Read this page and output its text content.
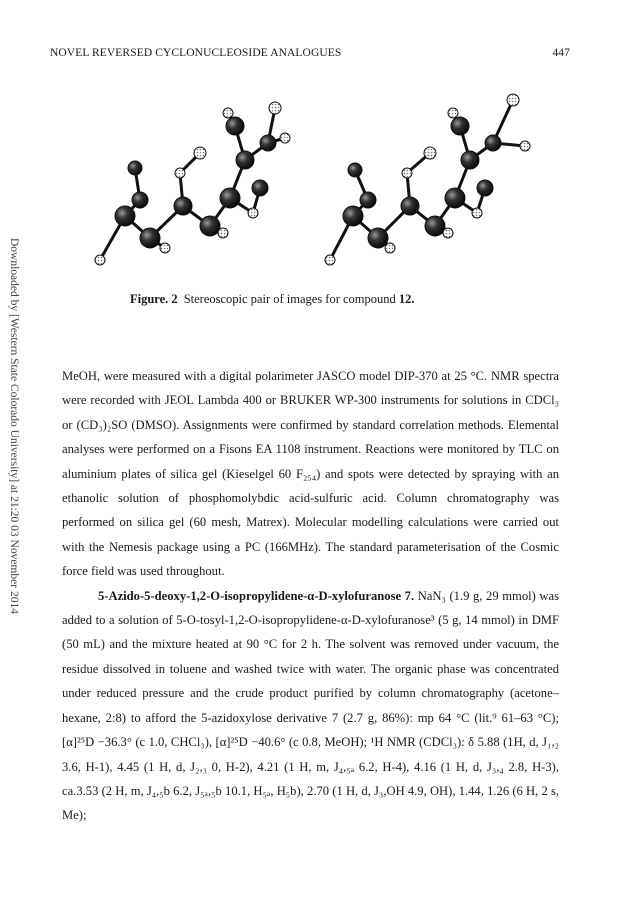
NOVEL REVERSED CYCLONUCLEOSIDE ANALOGUES	447
Downloaded by [Western State Colorado University] at 21:20 03 November 2014	Figure. 2 Stereoscopic pair of images for compound 12.

MeOH, were measured with a digital polarimeter JASCO model DIP-370 at 25 °C. NMR spectra were recorded with JEOL Lambda 400 or BRUKER WP-300 instruments for solutions in CDCl₃ or (CD₃)₂SO (DMSO). Assignments were confirmed by standard correlation methods. Elemental analyses were performed on a Fisons EA 1108 instrument. Reactions were monitored by TLC on aluminium plates of silica gel (Kieselgel 60 F₂₅₄) and spots were detected by spraying with an ethanolic solution of phosphomolybdic acid-sulfuric acid. Column chromatography was performed on silica gel (60 mesh, Matrex). Molecular modelling calculations were carried out with the Nemesis package using a PC (166MHz). The standard parameterisation of the Cosmic force field was used throughout.

5-Azido-5-deoxy-1,2-O-isopropylidene-α-D-xylofuranose 7. NaN₃ (1.9 g, 29 mmol) was added to a solution of 5-O-tosyl-1,2-O-isopropylidene-α-D-xylofuranose³ (5 g, 14 mmol) in DMF (50 mL) and the mixture heated at 90 °C for 2 h. The solvent was removed under vacuum, the residue dissolved in toluene and washed twice with water. The organic phase was concentrated under reduced pressure and the crude product purified by column chromatography (acetone–hexane, 2:8) to afford the 5-azidoxylose derivative 7 (2.7 g, 86%): mp 64 °C (lit.⁹ 61–63 °C); [α]²⁵D −36.3° (c 1.0, CHCl₃), [α]²⁵D −40.6° (c 0.8, MeOH); ¹H NMR (CDCl₃): δ 5.88 (1H, d, J₁,₂ 3.6, H-1), 4.45 (1 H, d, J₂,₃ 0, H-2), 4.21 (1 H, m, J₄,₅ₐ 6.2, H-4), 4.16 (1 H, d, J₃,₄ 2.8, H-3), ca.3.53 (2 H, m, J₄,₅b 6.2, J₅ₐ,₅b 10.1, H₅ₐ, H₅b), 2.70 (1 H, d, J₃,OH 4.9, OH), 1.44, 1.26 (6 H, 2 s, Me);
